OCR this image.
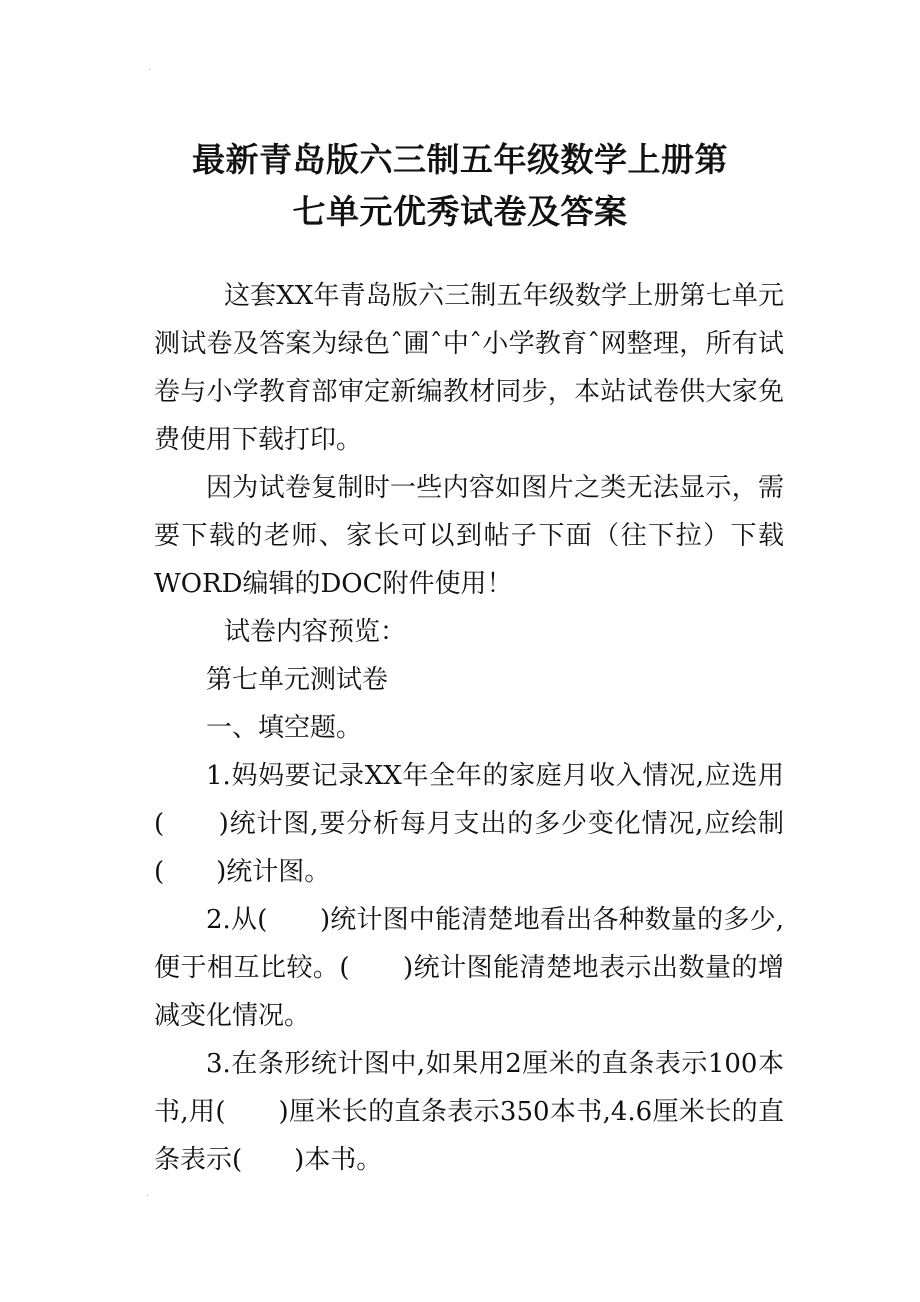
·
最新青岛版六三制五年级数学上册第
七单元优秀试卷及答案

这套XX年青岛版六三制五年级数学上册第七单元测试卷及答案为绿色ˆ圃ˆ中ˆ小学教育ˆ网整理，所有试卷与小学教育部审定新编教材同步，本站试卷供大家免费使用下载打印。

因为试卷复制时一些内容如图片之类无法显示，需要下载的老师、家长可以到帖子下面（往下拉）下载WORD编辑的DOC附件使用！

试卷内容预览：

第七单元测试卷

一、填空题。

1.妈妈要记录XX年全年的家庭月收入情况,应选用(　　)统计图,要分析每月支出的多少变化情况,应绘制(　　)统计图。

2.从(　　)统计图中能清楚地看出各种数量的多少,便于相互比较。(　　)统计图能清楚地表示出数量的增减变化情况。

3.在条形统计图中,如果用2厘米的直条表示100本书,用(　　)厘米长的直条表示350本书,4.6厘米长的直条表示(　　)本书。

·
